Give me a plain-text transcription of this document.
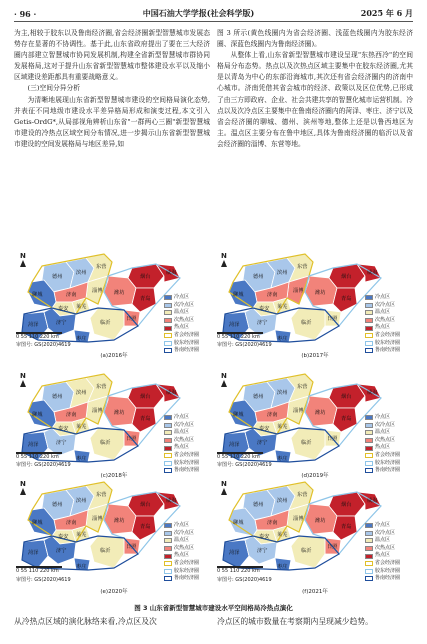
· 96 ·	中国石油大学学报(社会科学版)	2025 年 6 月

为主,相较于胶东以及鲁南经济圈,省会经济圈新型智慧城市发展态势存在显著的不协调性。基于此,山东省政府提出了要在三大经济圈内部建立智慧城市协同发展机制,构建全省新型智慧城市群协同发展格局,这对于提升山东省新型智慧城市整体建设水平以及缩小区域建设差距都具有重要战略意义。

(三)空间分异分析

为清晰地展现山东省新型智慧城市建设的空间格局演化态势,并表征不同地级市建设水平差异格局形成和演变过程,本文引入 Getis-OrdG*,从局部视角辨析山东省"一群两心三圈"新型智慧城市建设的冷热点区域空间分布情况,进一步揭示山东省新型智慧城市建设的空间发展格局与地区差异,如

图 3 所示(黄色线圈内为省会经济圈、浅蓝色线圈内为胶东经济圈、深蓝色线圈内为鲁南经济圈)。

从整体上看,山东省新型智慧城市建设呈现"东热西冷"的空间格局分布态势。热点以及次热点区域主要集中在胶东经济圈,尤其是以青岛为中心的东部沿海城市,其次还有省会经济圈内的济南中心城市。济南凭借其省会城市的经济、政策以及区位优势,已形成了由三方即政府、企业、社会共建共享的智慧化城市运营机制。冷点以及次冷点区主要集中在鲁南经济圈内的菏泽、枣庄、济宁以及省会经济圈的聊城、德州、滨州等地,整体上还是以鲁西地区为主。温点区主要分布在鲁中地区,具体为鲁南经济圈的临沂以及省会经济圈的淄博、东营等地。

德州
滨州
东营
烟台
威海
潍坊
青岛
日照
临沂
淄博
济南
泰安 莱芜
聊城
菏泽	济宁
枣庄
N
冷点区
次冷点区
温点区
次热点区
热点区
省会经济圈
胶东经济圈
鲁南经济圈
0 55 110 220 km
审图号: GS(2020)4619
(a)2016年
德州
滨州
东营
烟台
威海
潍坊
青岛
日照
临沂
淄博
济南
泰安 莱芜
聊城
菏泽	济宁
枣庄
N
冷点区
次冷点区
温点区
次热点区
热点区
省会经济圈
胶东经济圈
鲁南经济圈
0 55 110 220 km
审图号: GS(2020)4619
(b)2017年
德州
滨州
东营
烟台
威海
潍坊
青岛
日照
临沂
淄博
济南
泰安 莱芜
聊城
菏泽	济宁
枣庄
N
冷点区
次冷点区
温点区
次热点区
热点区
省会经济圈
胶东经济圈
鲁南经济圈
0 55 110 220 km
审图号: GS(2020)4619
(c)2018年
德州
滨州
东营
烟台
威海
潍坊
青岛
日照
临沂
淄博
济南
泰安 莱芜
聊城
菏泽	济宁
枣庄
N
冷点区
次冷点区
温点区
次热点区
热点区
省会经济圈
胶东经济圈
鲁南经济圈
0 55 110 220 km
审图号: GS(2020)4619
(d)2019年
德州
滨州
东营
烟台
威海
潍坊
青岛
日照
临沂
淄博
济南
泰安 莱芜
聊城
菏泽	济宁
枣庄
N
冷点区
次冷点区
温点区
次热点区
热点区
省会经济圈
胶东经济圈
鲁南经济圈
0 55 110 220 km
审图号: GS(2020)4619
(e)2020年
德州
滨州
东营
烟台
威海
潍坊
青岛
日照
临沂
淄博
济南
泰安 莱芜
聊城
菏泽	济宁
枣庄
N
冷点区
次冷点区
温点区
次热点区
热点区
省会经济圈
胶东经济圈
鲁南经济圈
0 55 110 220 km
审图号: GS(2020)4619
(f)2021年
图 3 山东省新型智慧城市建设水平空间格局冷热点演化
从冷热点区域的演化脉络来看,冷点区及次	冷点区的城市数量在考察期内呈现减少趋势。
